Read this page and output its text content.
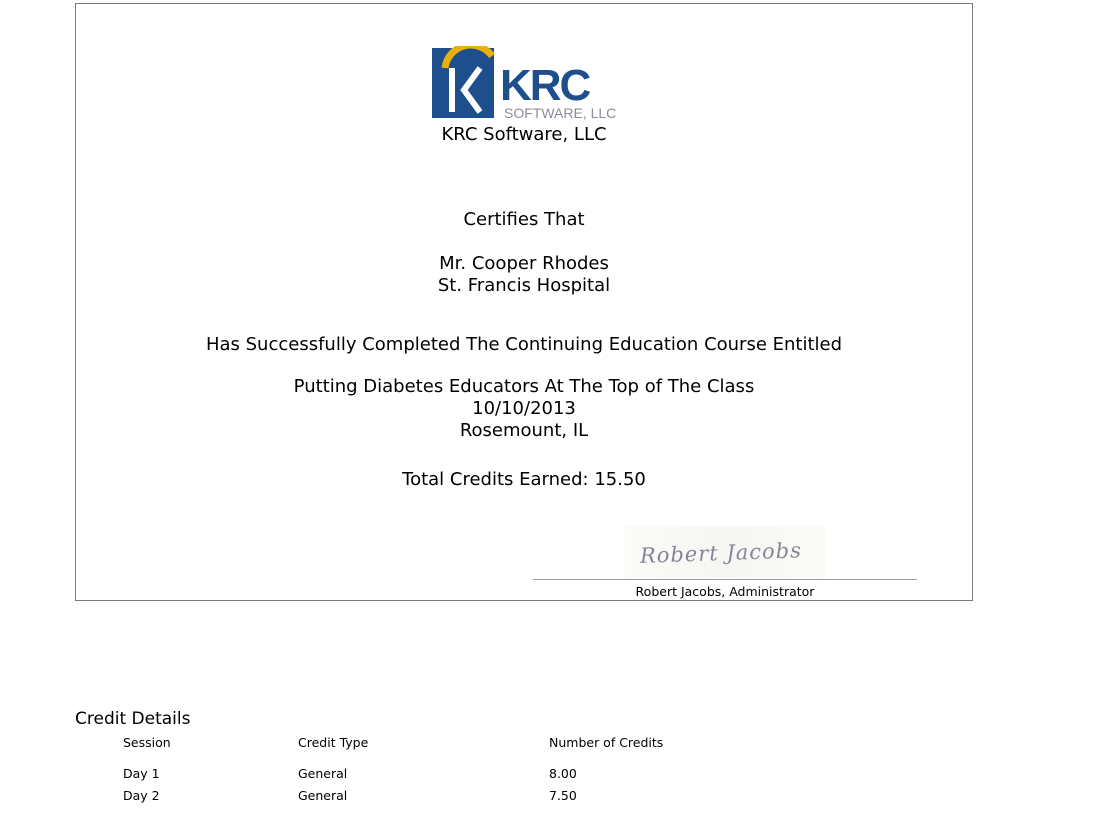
KRC
SOFTWARE, LLC
KRC Software, LLC
Certifies That
Mr. Cooper Rhodes
St. Francis Hospital
Has Successfully Completed The Continuing Education Course Entitled
Putting Diabetes Educators At The Top of The Class
10/10/2013
Rosemount, IL
Total Credits Earned: 15.50
Robert Jacobs
Robert Jacobs, Administrator
Credit Details
Session	Credit Type	Number of Credits
Day 1	General	8.00
Day 2	General	7.50
